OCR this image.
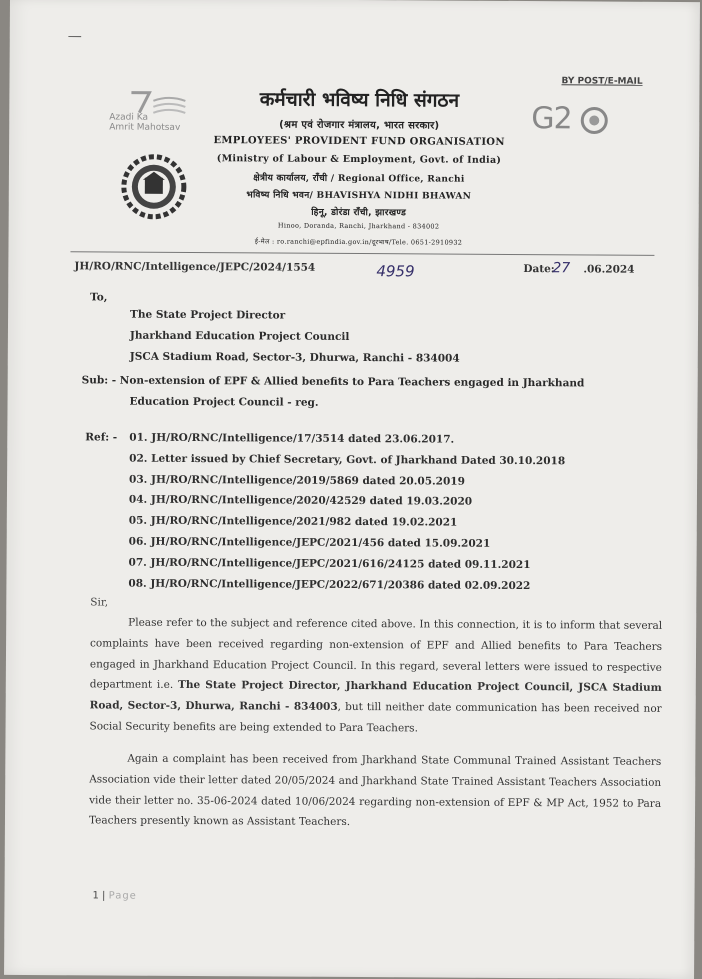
—
Azadi Ka
Amrit Mahotsav
कर्मचारी भविष्य निधि संगठन
(श्रम एवं रोजगार मंत्रालय, भारत सरकार)
EMPLOYEES' PROVIDENT FUND ORGANISATION
(Ministry of Labour & Employment, Govt. of India)
क्षेत्रीय कार्यालय, राँची / Regional Office, Ranchi
भविष्य निधि भवन/ BHAVISHYA NIDHI BHAWAN
हिनू, डोरंडा राँची, झारखण्ड
Hinoo, Doranda, Ranchi, Jharkhand - 834002
ई-मेल : ro.ranchi@epfindia.gov.in/दूरभाष/Tele. 0651-2910932
BY POST/E-MAIL
G2
JH/RO/RNC/Intelligence/JEPC/2024/1554	4959	Date:
27 .06.2024
To,
The State Project Director
Jharkhand Education Project Council
JSCA Stadium Road, Sector-3, Dhurwa, Ranchi - 834004
Sub: - Non-extension of EPF & Allied benefits to Para Teachers engaged in Jharkhand
Education Project Council - reg.
Ref: - 01. JH/RO/RNC/Intelligence/17/3514 dated 23.06.2017.
02. Letter issued by Chief Secretary, Govt. of Jharkhand Dated 30.10.2018
03. JH/RO/RNC/Intelligence/2019/5869 dated 20.05.2019
04. JH/RO/RNC/Intelligence/2020/42529 dated 19.03.2020
05. JH/RO/RNC/Intelligence/2021/982 dated 19.02.2021
06. JH/RO/RNC/Intelligence/JEPC/2021/456 dated 15.09.2021
07. JH/RO/RNC/Intelligence/JEPC/2021/616/24125 dated 09.11.2021
08. JH/RO/RNC/Intelligence/JEPC/2022/671/20386 dated 02.09.2022
Sir,
Please refer to the subject and reference cited above. In this connection, it is to inform that several complaints have been received regarding non-extension of EPF and Allied benefits to Para Teachers engaged in Jharkhand Education Project Council. In this regard, several letters were issued to respective department i.e. The State Project Director, Jharkhand Education Project Council, JSCA Stadium Road, Sector-3, Dhurwa, Ranchi - 834003, but till neither date communication has been received nor Social Security benefits are being extended to Para Teachers.
Again a complaint has been received from Jharkhand State Communal Trained Assistant Teachers Association vide their letter dated 20/05/2024 and Jharkhand State Trained Assistant Teachers Association vide their letter no. 35-06-2024 dated 10/06/2024 regarding non-extension of EPF & MP Act, 1952 to Para Teachers presently known as Assistant Teachers.
1 | Page
